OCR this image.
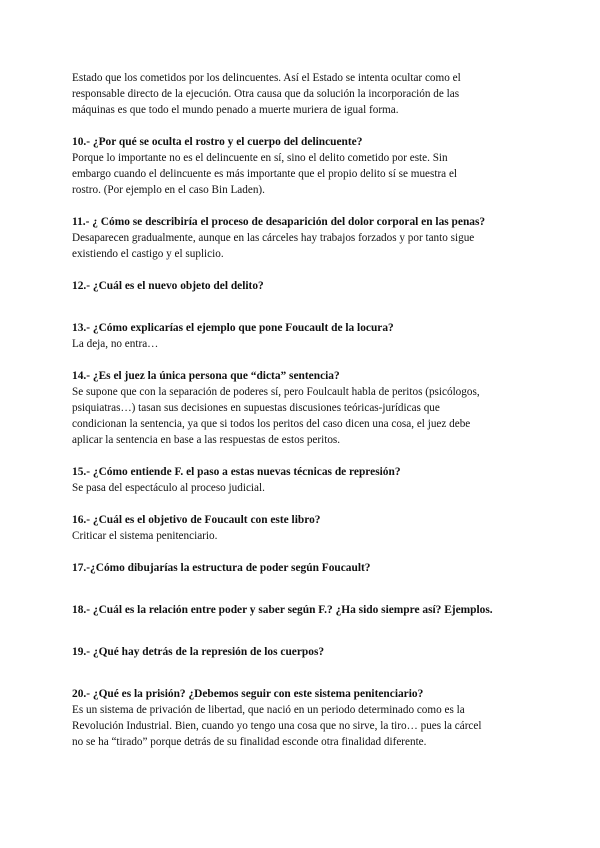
Estado que los cometidos por los delincuentes. Así el Estado se intenta ocultar como el

responsable directo de la ejecución. Otra causa que da solución la incorporación de las

máquinas es que todo el mundo penado a muerte muriera de igual forma.

10.- ¿Por qué se oculta el rostro y el cuerpo del delincuente?

Porque lo importante no es el delincuente en sí, sino el delito cometido por este. Sin

embargo cuando el delincuente es más importante que el propio delito sí se muestra el

rostro. (Por ejemplo en el caso Bin Laden).

11.- ¿ Cómo se describiría el proceso de desaparición del dolor corporal en las penas?

Desaparecen gradualmente, aunque en las cárceles hay trabajos forzados y por tanto sigue

existiendo el castigo y el suplicio.

12.- ¿Cuál es el nuevo objeto del delito?

13.- ¿Cómo explicarías el ejemplo que pone Foucault de la locura?

La deja, no entra…

14.- ¿Es el juez la única persona que “dicta” sentencia?

Se supone que con la separación de poderes sí, pero Foulcault habla de peritos (psicólogos,

psiquiatras…) tasan sus decisiones en supuestas discusiones teóricas-jurídicas que

condicionan la sentencia, ya que si todos los peritos del caso dicen una cosa, el juez debe

aplicar la sentencia en base a las respuestas de estos peritos.

15.- ¿Cómo entiende F. el paso a estas nuevas técnicas de represión?

Se pasa del espectáculo al proceso judicial.

16.- ¿Cuál es el objetivo de Foucault con este libro?

Criticar el sistema penitenciario.

17.-¿Cómo dibujarías la estructura de poder según Foucault?

18.- ¿Cuál es la relación entre poder y saber según F.? ¿Ha sido siempre así? Ejemplos.

19.- ¿Qué hay detrás de la represión de los cuerpos?

20.- ¿Qué es la prisión? ¿Debemos seguir con este sistema penitenciario?

Es un sistema de privación de libertad, que nació en un periodo determinado como es la

Revolución Industrial. Bien, cuando yo tengo una cosa que no sirve, la tiro… pues la cárcel

no se ha “tirado” porque detrás de su finalidad esconde otra finalidad diferente.
